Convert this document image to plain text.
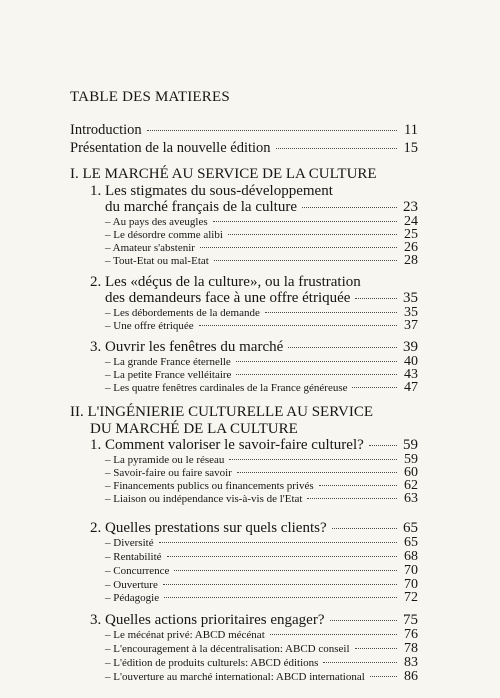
TABLE DES MATIERES
Introduction	11
Présentation de la nouvelle édition	15
I. LE MARCHÉ AU SERVICE DE LA CULTURE
1. Les stigmates du sous-développement
du marché français de la culture	23
– Au pays des aveugles	24
– Le désordre comme alibi	25
– Amateur s'abstenir	26
– Tout-Etat ou mal-Etat	28
2. Les «déçus de la culture», ou la frustration
des demandeurs face à une offre étriquée	35
– Les débordements de la demande	35
– Une offre étriquée	37
3. Ouvrir les fenêtres du marché	39
– La grande France éternelle	40
– La petite France velléitaire	43
– Les quatre fenêtres cardinales de la France généreuse	47
II. L'INGÉNIERIE CULTURELLE AU SERVICE
DU MARCHÉ DE LA CULTURE
1. Comment valoriser le savoir-faire culturel?	59
– La pyramide ou le réseau	59
– Savoir-faire ou faire savoir	60
– Financements publics ou financements privés	62
– Liaison ou indépendance vis-à-vis de l'Etat	63
2. Quelles prestations sur quels clients?	65
– Diversité	65
– Rentabilité	68
– Concurrence	70
– Ouverture	70
– Pédagogie	72
3. Quelles actions prioritaires engager?	75
– Le mécénat privé: ABCD mécénat	76
– L'encouragement à la décentralisation: ABCD conseil	78
– L'édition de produits culturels: ABCD éditions	83
– L'ouverture au marché international: ABCD international	86
